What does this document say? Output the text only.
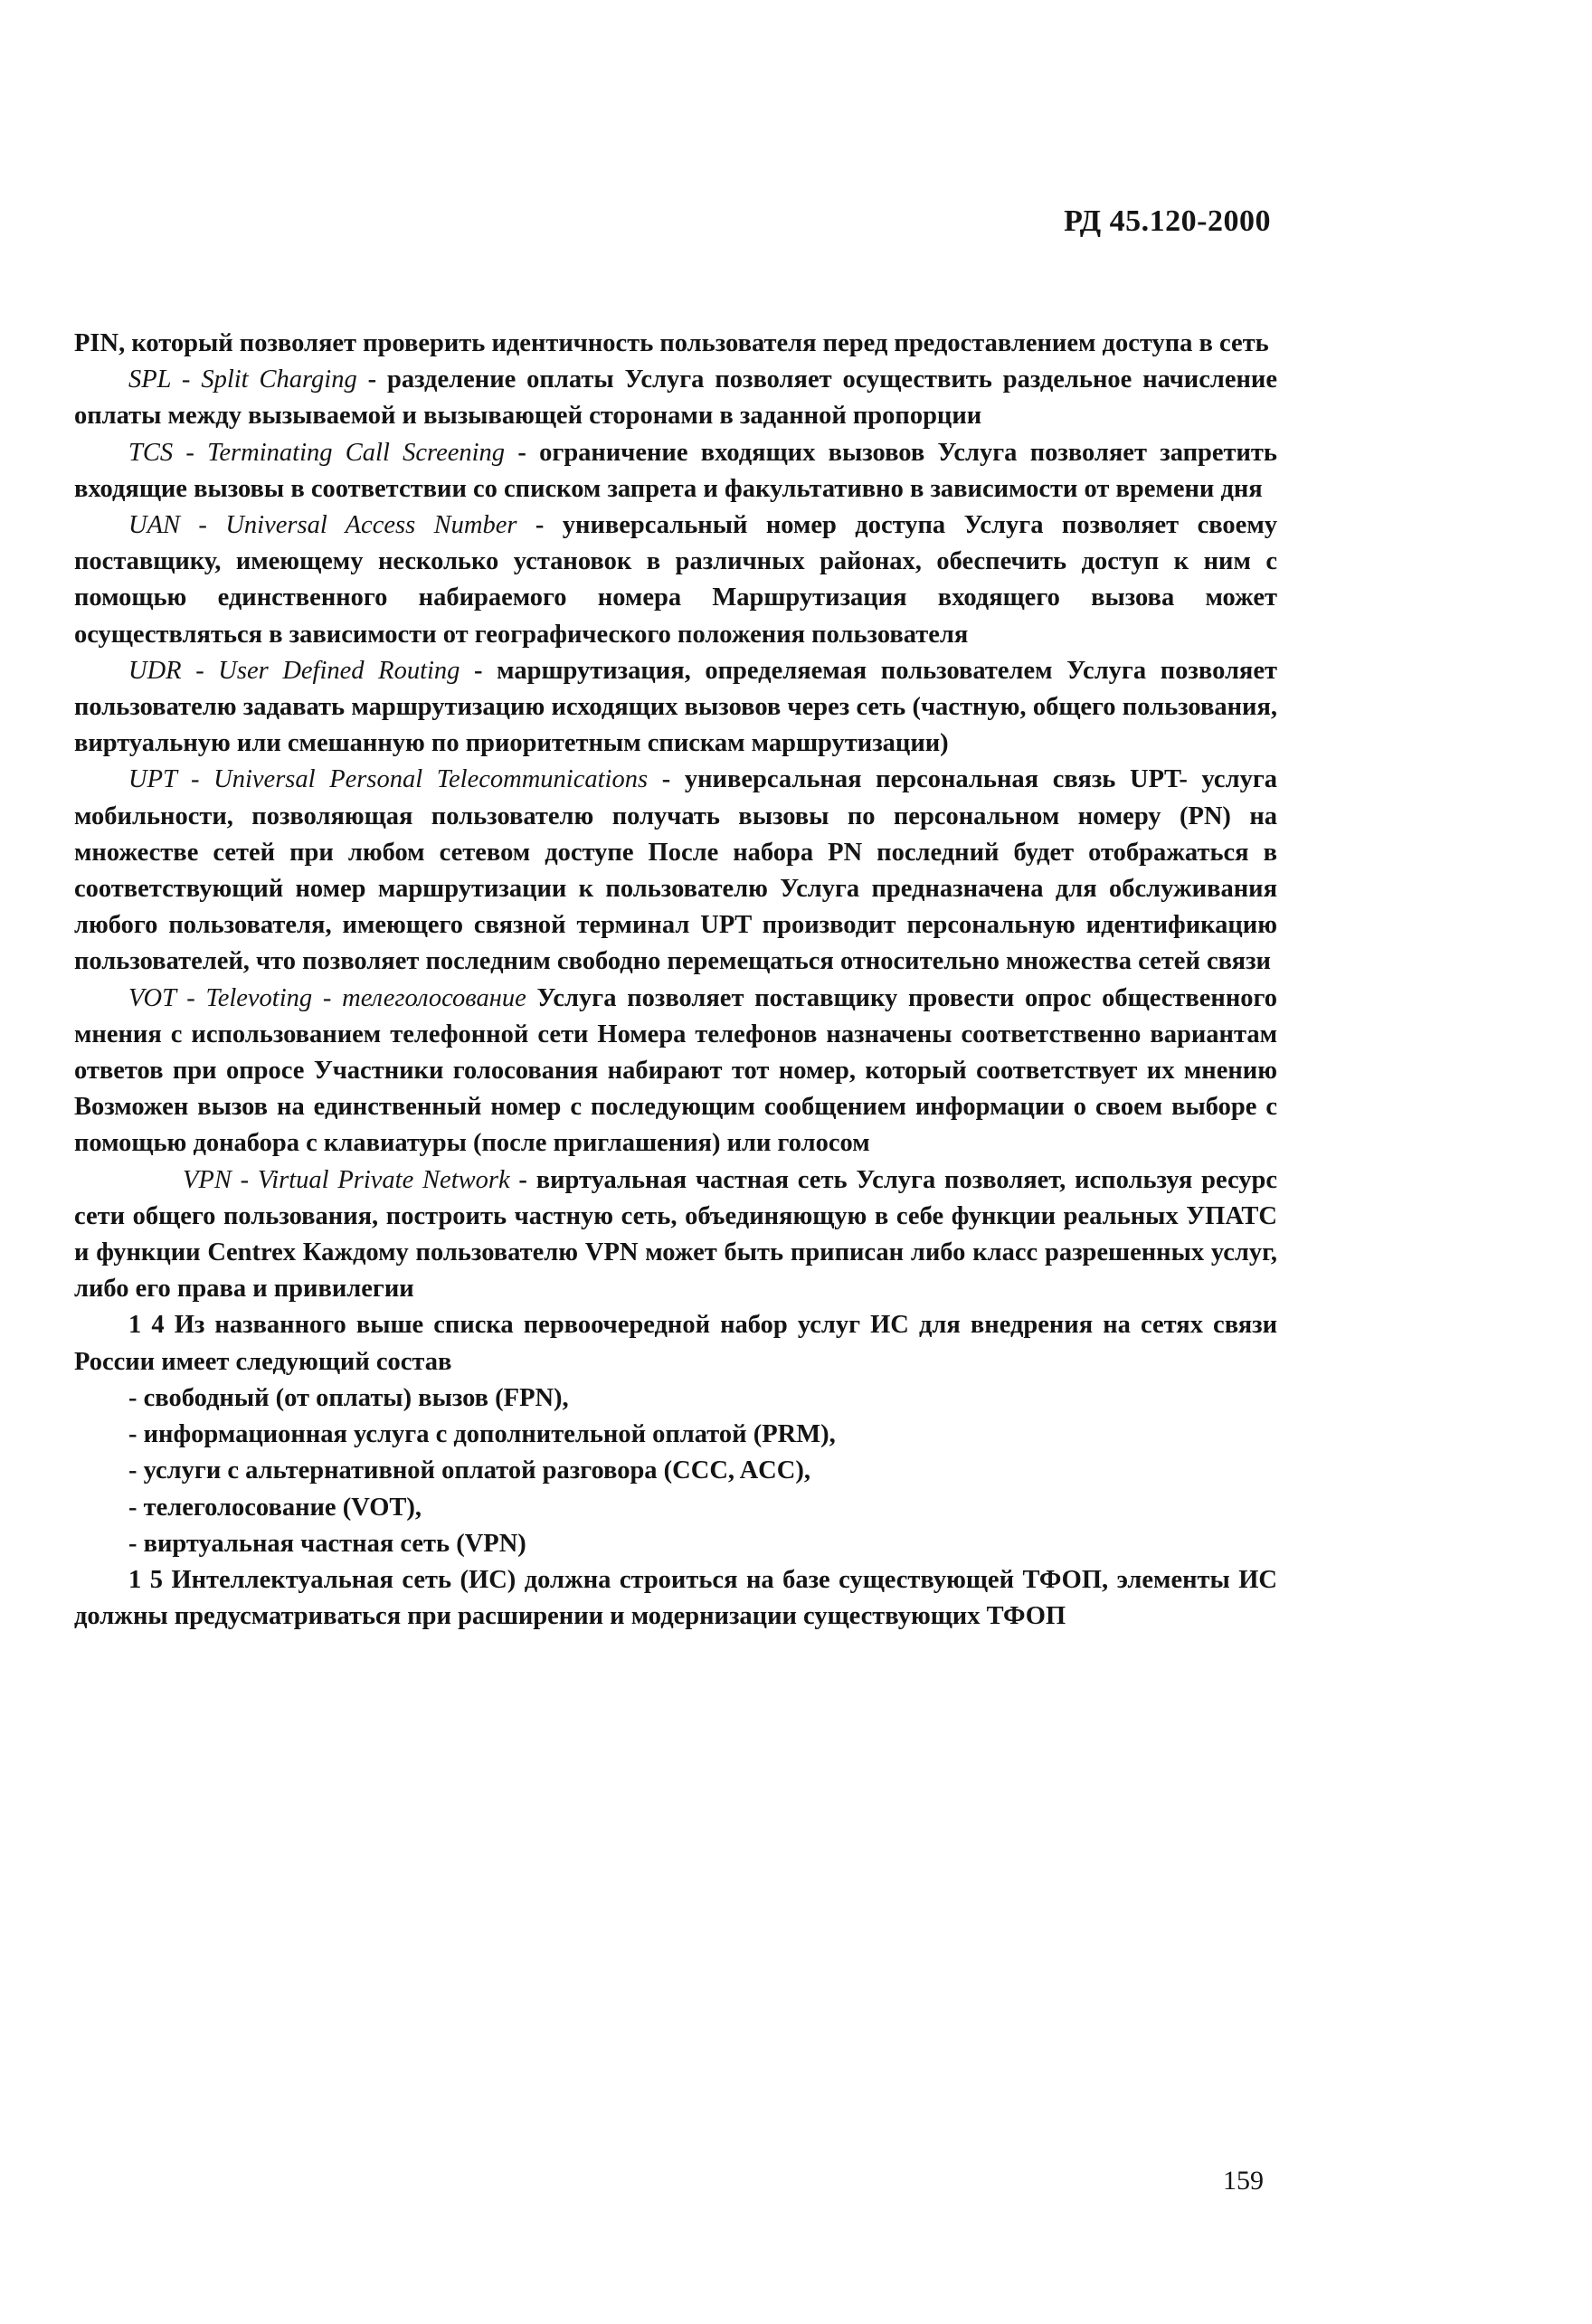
РД 45.120-2000

PIN, который позволяет проверить идентичность пользователя перед предоставлением доступа в сеть

SPL - Split Charging - разделение оплаты Услуга позволяет осуществить раздельное начисление оплаты между вызываемой и вызывающей сторонами в заданной пропорции

TCS - Terminating Call Screening - ограничение входящих вызовов Услуга позволяет запретить входящие вызовы в соответствии со списком запрета и факультативно в зависимости от времени дня

UAN - Universal Access Number - универсальный номер доступа Услуга позволяет своему поставщику, имеющему несколько установок в различных районах, обеспечить доступ к ним с помощью единственного набираемого номера Маршрутизация входящего вызова может осуществляться в зависимости от географического положения пользователя

UDR - User Defined Routing - маршрутизация, определяемая пользователем Услуга позволяет пользователю задавать маршрутизацию исходящих вызовов через сеть (частную, общего пользования, виртуальную или смешанную по приоритетным спискам маршрутизации)

UPT - Universal Personal Telecommunications - универсальная персональная связь UPT- услуга мобильности, позволяющая пользователю получать вызовы по персональном номеру (PN) на множестве сетей при любом сетевом доступе После набора PN последний будет отображаться в соответствующий номер маршрутизации к пользователю Услуга предназначена для обслуживания любого пользователя, имеющего связной терминал UPT производит персональную идентификацию пользователей, что позволяет последним свободно перемещаться относительно множества сетей связи

VOT - Televoting - телеголосование Услуга позволяет поставщику провести опрос общественного мнения с использованием телефонной сети Номера телефонов назначены соответственно вариантам ответов при опросе Участники голосования набирают тот номер, который соответствует их мнению Возможен вызов на единственный номер с последующим сообщением информации о своем выборе с помощью донабора с клавиатуры (после приглашения) или голосом

VPN - Virtual Private Network - виртуальная частная сеть Услуга позволяет, используя ресурс сети общего пользования, построить частную сеть, объединяющую в себе функции реальных УПАТС и функции Centrex Каждому пользователю VPN может быть приписан либо класс разрешенных услуг, либо его права и привилегии

1 4 Из названного выше списка первоочередной набор услуг ИС для внедрения на сетях связи России имеет следующий состав

- свободный (от оплаты) вызов (FPN),

- информационная услуга с дополнительной оплатой (PRM),

- услуги с альтернативной оплатой разговора (CCC, ACC),

- телеголосование (VOT),

- виртуальная частная сеть (VPN)

1 5 Интеллектуальная сеть (ИС) должна строиться на базе существующей ТФОП, элементы ИС должны предусматриваться при расширении и модернизации существующих ТФОП

159
